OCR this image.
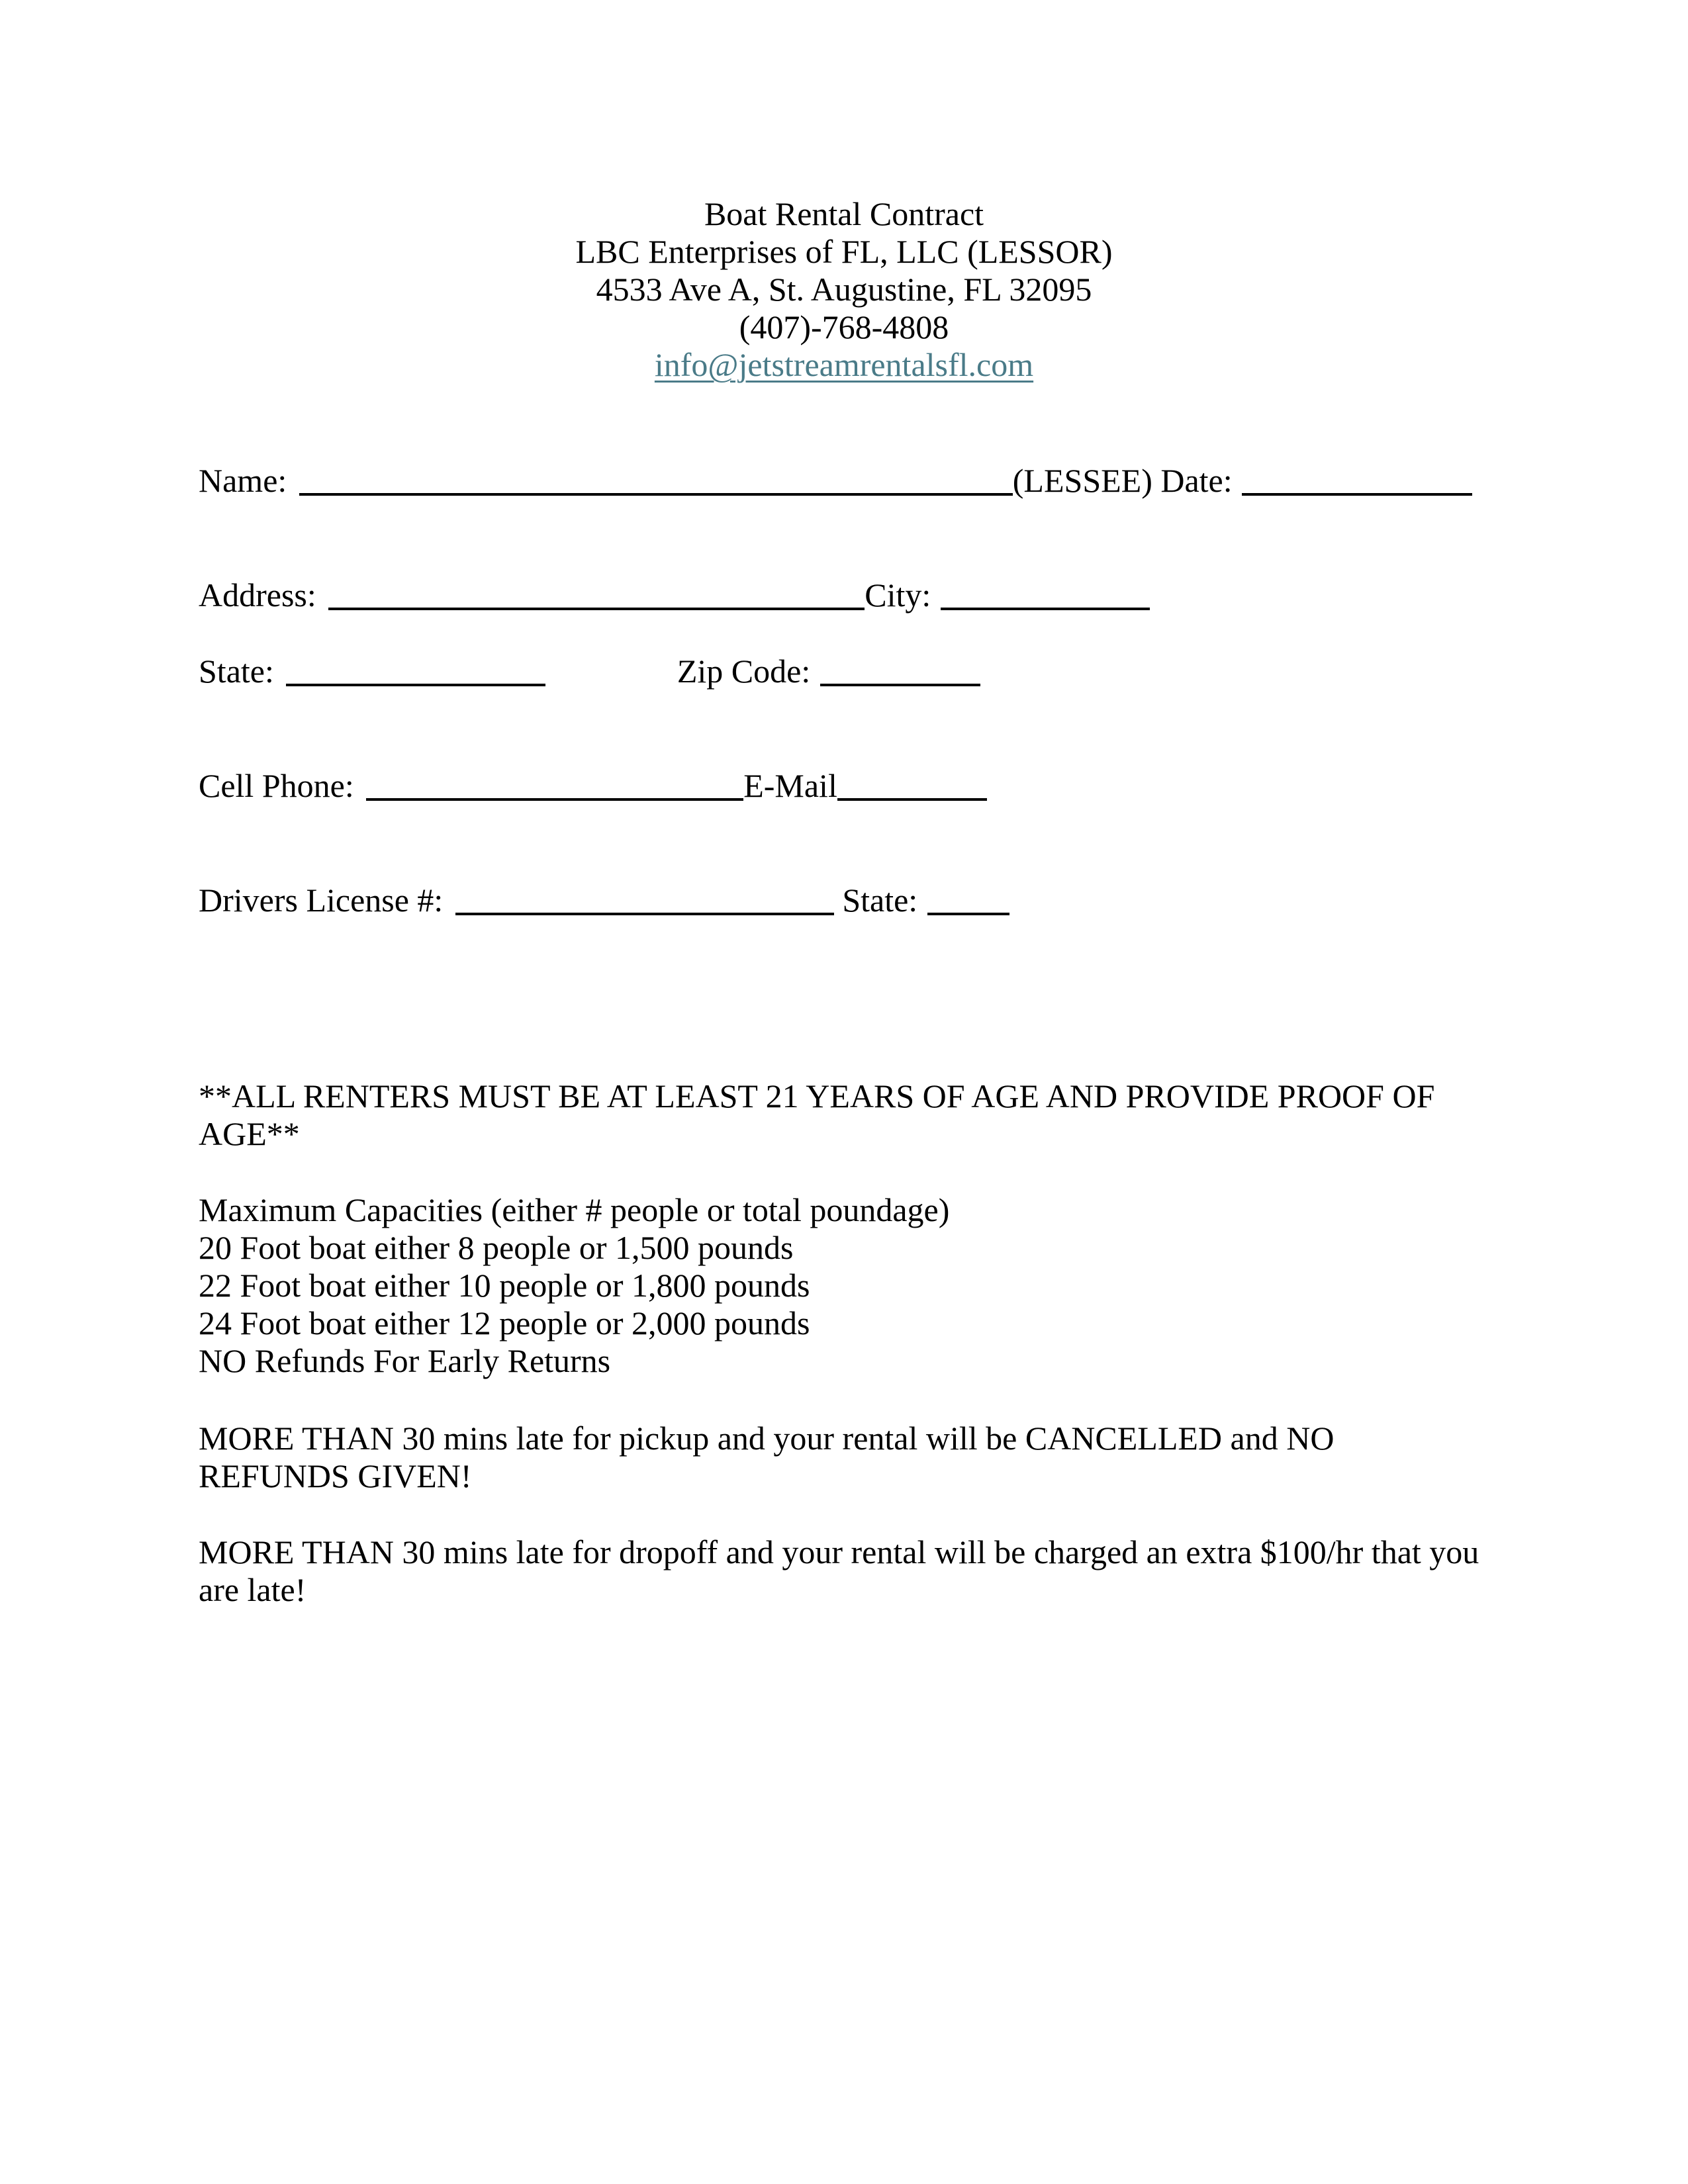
Boat Rental Contract
LBC Enterprises of FL, LLC (LESSOR)
4533 Ave A, St. Augustine, FL 32095
(407)-768-4808
info@jetstreamrentalsfl.com
Name:	(LESSEE) Date:
Address:	City:
State:	Zip Code:
Cell Phone:	E-Mail
Drivers License #:	State:
**ALL RENTERS MUST BE AT LEAST 21 YEARS OF AGE AND PROVIDE PROOF OF
AGE**
Maximum Capacities (either # people or total poundage)
20 Foot boat either 8 people or 1,500 pounds
22 Foot boat either 10 people or 1,800 pounds
24 Foot boat either 12 people or 2,000 pounds
NO Refunds For Early Returns
MORE THAN 30 mins late for pickup and your rental will be CANCELLED and NO
REFUNDS GIVEN!
MORE THAN 30 mins late for dropoff and your rental will be charged an extra $100/hr that you
are late!
